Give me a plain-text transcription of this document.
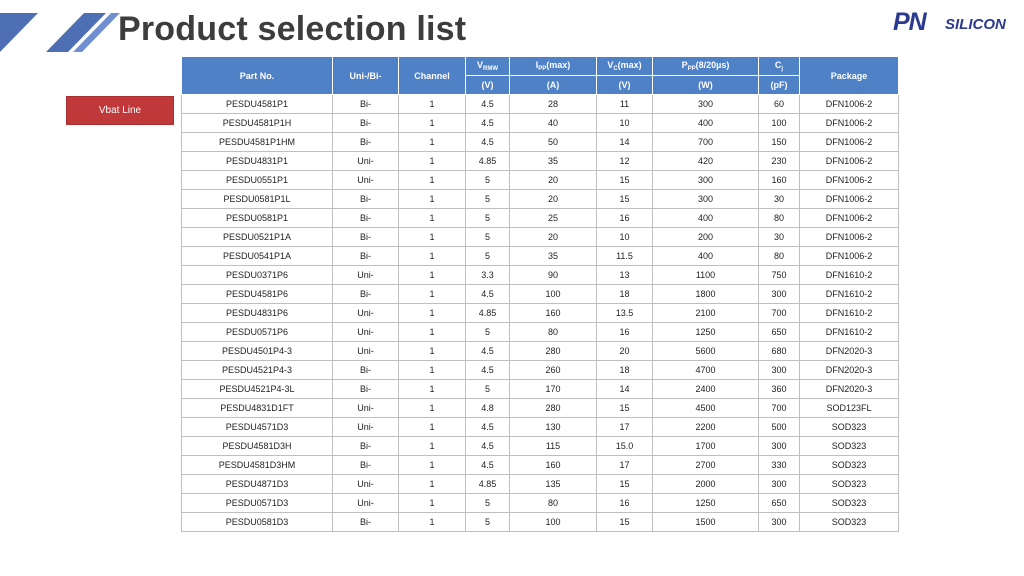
Product selection list	PN SILICON
Vbat Line
Part No.	Uni-/Bi-	Channel	$V_{RMW}$	$I_{PP}(\max)$	$V_C(\max)$	$P_{PP}(8/20\mu s)$	$C_j$	Package
			(V)	(A)	(V)	(W)	(pF)	
PESDU4581P1	Bi-	1	4.5	28	11	300	60	DFN1006-2
PESDU4581P1H	Bi-	1	4.5	40	10	400	100	DFN1006-2
PESDU4581P1HM	Bi-	1	4.5	50	14	700	150	DFN1006-2
PESDU4831P1	Uni-	1	4.85	35	12	420	230	DFN1006-2
PESDU0551P1	Uni-	1	5	20	15	300	160	DFN1006-2
PESDU0581P1L	Bi-	1	5	20	15	300	30	DFN1006-2
PESDU0581P1	Bi-	1	5	25	16	400	80	DFN1006-2
PESDU0521P1A	Bi-	1	5	20	10	200	30	DFN1006-2
PESDU0541P1A	Bi-	1	5	35	11.5	400	80	DFN1006-2
PESDU0371P6	Uni-	1	3.3	90	13	1100	750	DFN1610-2
PESDU4581P6	Bi-	1	4.5	100	18	1800	300	DFN1610-2
PESDU4831P6	Uni-	1	4.85	160	13.5	2100	700	DFN1610-2
PESDU0571P6	Uni-	1	5	80	16	1250	650	DFN1610-2
PESDU4501P4-3	Uni-	1	4.5	280	20	5600	680	DFN2020-3
PESDU4521P4-3	Bi-	1	4.5	260	18	4700	300	DFN2020-3
PESDU4521P4-3L	Bi-	1	5	170	14	2400	360	DFN2020-3
PESDU4831D1FT	Uni-	1	4.8	280	15	4500	700	SOD123FL
PESDU4571D3	Uni-	1	4.5	130	17	2200	500	SOD323
PESDU4581D3H	Bi-	1	4.5	115	15.0	1700	300	SOD323
PESDU4581D3HM	Bi-	1	4.5	160	17	2700	330	SOD323
PESDU4871D3	Uni-	1	4.85	135	15	2000	300	SOD323
PESDU0571D3	Uni-	1	5	80	16	1250	650	SOD323
PESDU0581D3	Bi-	1	5	100	15	1500	300	SOD323
